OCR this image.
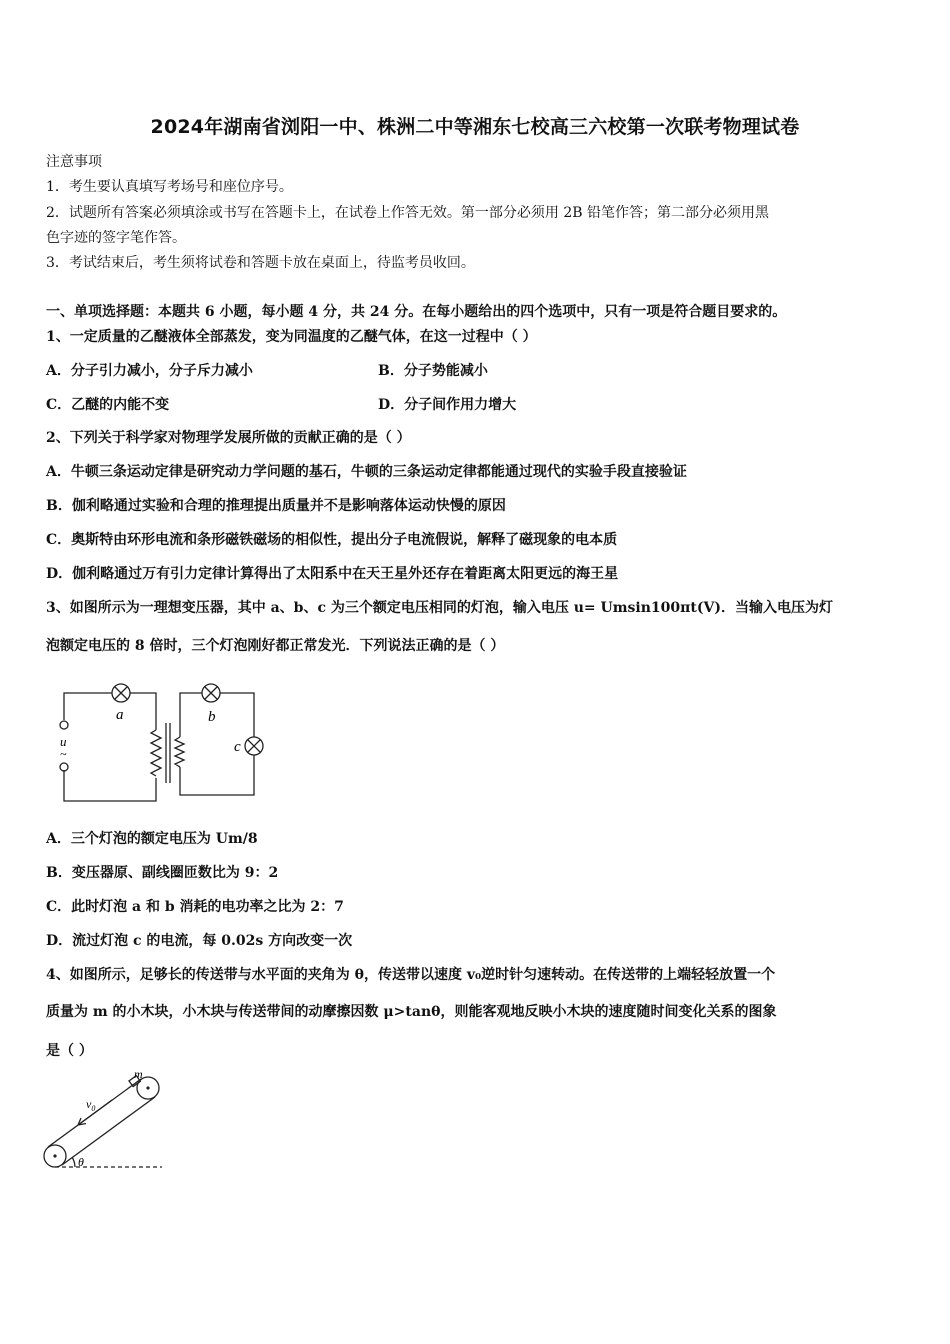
2024年湖南省浏阳一中、株洲二中等湘东七校高三六校第一次联考物理试卷
注意事项
1．考生要认真填写考场号和座位序号。
2．试题所有答案必须填涂或书写在答题卡上，在试卷上作答无效。第一部分必须用 2B 铅笔作答；第二部分必须用黑
色字迹的签字笔作答。
3．考试结束后，考生须将试卷和答题卡放在桌面上，待监考员收回。
一、单项选择题：本题共 6 小题，每小题 4 分，共 24 分。在每小题给出的四个选项中，只有一项是符合题目要求的。
1、一定质量的乙醚液体全部蒸发，变为同温度的乙醚气体，在这一过程中（ ）
A．分子引力减小，分子斥力减小	B．分子势能减小
C．乙醚的内能不变	D．分子间作用力增大
2、下列关于科学家对物理学发展所做的贡献正确的是（ ）
A．牛顿三条运动定律是研究动力学问题的基石，牛顿的三条运动定律都能通过现代的实验手段直接验证
B．伽利略通过实验和合理的推理提出质量并不是影响落体运动快慢的原因
C．奥斯特由环形电流和条形磁铁磁场的相似性，提出分子电流假说，解释了磁现象的电本质
D．伽利略通过万有引力定律计算得出了太阳系中在天王星外还存在着距离太阳更远的海王星
3、如图所示为一理想变压器，其中 a、b、c 为三个额定电压相同的灯泡，输入电压 u= Umsin100πt(V)．当输入电压为灯
泡额定电压的 8 倍时，三个灯泡刚好都正常发光．下列说法正确的是（ ）
a	b
c
u
~
A．三个灯泡的额定电压为 Um/8
B．变压器原、副线圈匝数比为 9：2
C．此时灯泡 a 和 b 消耗的电功率之比为 2：7
D．流过灯泡 c 的电流，每 0.02s 方向改变一次
4、如图所示，足够长的传送带与水平面的夹角为 θ，传送带以速度 v₀逆时针匀速转动。在传送带的上端轻轻放置一个
质量为 m 的小木块，小木块与传送带间的动摩擦因数 μ>tanθ，则能客观地反映小木块的速度随时间变化关系的图象
是（ ）
m
$v_0$
θ
